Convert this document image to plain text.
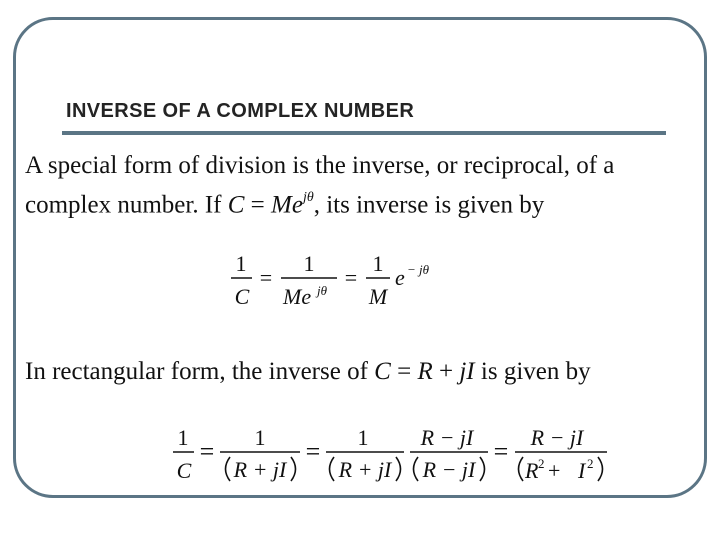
INVERSE OF A COMPLEX NUMBER

A special form of division is the inverse, or reciprocal, of a

complex number. If $C = Me^{j\theta}$, its inverse is given by

1
C
=
1
Me jθ
=
1
M
e − jθ

In rectangular form, the inverse of C = R + jI is given by

1
C
= 1
R + jI
= 1
R + jI
R − jI
R − jI
= R − jI
R 2 + I 2
